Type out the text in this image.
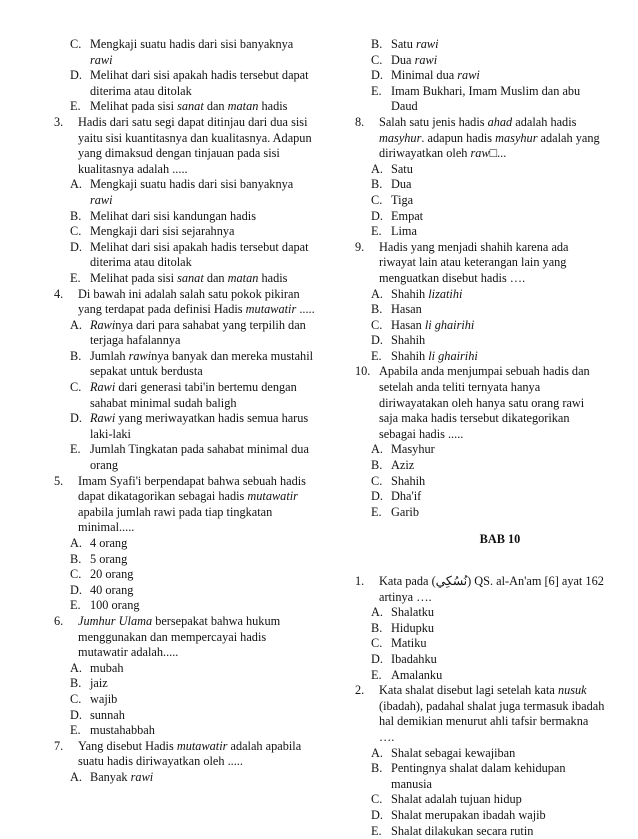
C. Mengkaji suatu hadis dari sisi banyaknya rawi
D. Melihat dari sisi apakah hadis tersebut dapat diterima atau ditolak
E. Melihat pada sisi sanat dan matan hadis
3. Hadis dari satu segi dapat ditinjau dari dua sisi yaitu sisi kuantitasnya dan kualitasnya. Adapun yang dimaksud dengan tinjauan pada sisi kualitasnya adalah .....
A. Mengkaji suatu hadis dari sisi banyaknya rawi
B. Melihat dari sisi kandungan hadis
C. Mengkaji dari sisi sejarahnya
D. Melihat dari sisi apakah hadis tersebut dapat diterima atau ditolak
E. Melihat pada sisi sanat dan matan hadis
4. Di bawah ini adalah salah satu pokok pikiran yang terdapat pada definisi Hadis mutawatir .....
A. Rawinya dari para sahabat yang terpilih dan terjaga hafalannya
B. Jumlah rawinya banyak dan mereka mustahil sepakat untuk berdusta
C. Rawi dari generasi tabi'in bertemu dengan sahabat minimal sudah baligh
D. Rawi yang meriwayatkan hadis semua harus laki-laki
E. Jumlah Tingkatan pada sahabat minimal dua orang
5. Imam Syafi'i berpendapat bahwa sebuah hadis dapat dikatagorikan sebagai hadis mutawatir apabila jumlah rawi pada tiap tingkatan minimal.....
A. 4 orang
B. 5 orang
C. 20 orang
D. 40 orang
E. 100 orang
6. Jumhur Ulama bersepakat bahwa hukum menggunakan dan mempercayai hadis mutawatir adalah.....
A. mubah
B. jaiz
C. wajib
D. sunnah
E. mustahabbah
7. Yang disebut Hadis mutawatir adalah apabila suatu hadis diriwayatkan oleh .....
A. Banyak rawi
B. Satu rawi
C. Dua rawi
D. Minimal dua rawi
E. Imam Bukhari, Imam Muslim dan abu Daud
8. Salah satu jenis hadis ahad adalah hadis masyhur. adapun hadis masyhur adalah yang diriwayatkan oleh raw□...
A. Satu
B. Dua
C. Tiga
D. Empat
E. Lima
9. Hadis yang menjadi shahih karena ada riwayat lain atau keterangan lain yang menguatkan disebut hadis ….
A. Shahih lizatihi
B. Hasan
C. Hasan li ghairihi
D. Shahih
E. Shahih li ghairihi
10. Apabila anda menjumpai sebuah hadis dan setelah anda teliti ternyata hanya diriwayatakan oleh hanya satu orang rawi saja maka hadis tersebut dikategorikan sebagai hadis .....
A. Masyhur
B. Aziz
C. Shahih
D. Dha'if
E. Garib
BAB 10
1. Kata pada (نُسُكِي) QS. al-An'am [6] ayat 162 artinya ….
A. Shalatku
B. Hidupku
C. Matiku
D. Ibadahku
E. Amalanku
2. Kata shalat disebut lagi setelah kata nusuk (ibadah), padahal shalat juga termasuk ibadah hal demikian menurut ahli tafsir bermakna ….
A. Shalat sebagai kewajiban
B. Pentingnya shalat dalam kehidupan manusia
C. Shalat adalah tujuan hidup
D. Shalat merupakan ibadah wajib
E. Shalat dilakukan secara rutin
